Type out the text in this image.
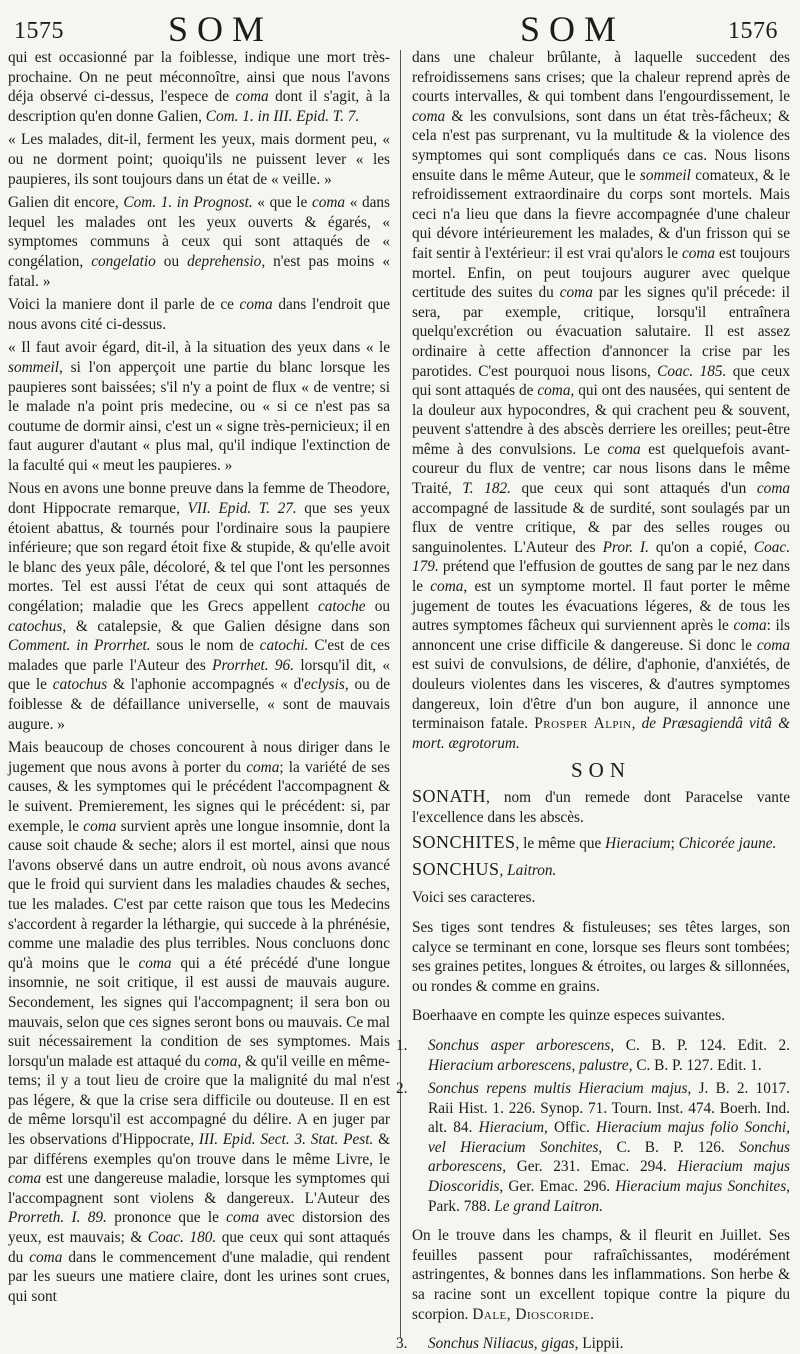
1575	SOM	SOM	1576

qui est occasionné par la foiblesse, indique une mort très-prochaine. On ne peut méconnoître, ainsi que nous l'avons déja observé ci-dessus, l'espece de coma dont il s'agit, à la description qu'en donne Galien, Com. 1. in III. Epid. T. 7.

« Les malades, dit-il, ferment les yeux, mais dorment peu, « ou ne dorment point; quoiqu'ils ne puissent lever « les paupieres, ils sont toujours dans un état de « veille. »

Galien dit encore, Com. 1. in Prognost. « que le coma « dans lequel les malades ont les yeux ouverts & égarés, « symptomes communs à ceux qui sont attaqués de « congélation, congelatio ou deprehensio, n'est pas moins « fatal. »

Voici la maniere dont il parle de ce coma dans l'endroit que nous avons cité ci-dessus.

« Il faut avoir égard, dit-il, à la situation des yeux dans « le sommeil, si l'on apperçoit une partie du blanc lorsque les paupieres sont baissées; s'il n'y a point de flux « de ventre; si le malade n'a point pris medecine, ou « si ce n'est pas sa coutume de dormir ainsi, c'est un « signe très-pernicieux; il en faut augurer d'autant « plus mal, qu'il indique l'extinction de la faculté qui « meut les paupieres. »

Nous en avons une bonne preuve dans la femme de Theodore, dont Hippocrate remarque, VII. Epid. T. 27. que ses yeux étoient abattus, & tournés pour l'ordinaire sous la paupiere inférieure; que son regard étoit fixe & stupide, & qu'elle avoit le blanc des yeux pâle, décoloré, & tel que l'ont les personnes mortes. Tel est aussi l'état de ceux qui sont attaqués de congélation; maladie que les Grecs appellent catoche ou catochus, & catalepsie, & que Galien désigne dans son Comment. in Prorrhet. sous le nom de catochi. C'est de ces malades que parle l'Auteur des Prorrhet. 96. lorsqu'il dit, « que le catochus & l'aphonie accompagnés « d'eclysis, ou de foiblesse & de défaillance universelle, « sont de mauvais augure. »

Mais beaucoup de choses concourent à nous diriger dans le jugement que nous avons à porter du coma; la variété de ses causes, & les symptomes qui le précédent l'accompagnent & le suivent. Premierement, les signes qui le précédent: si, par exemple, le coma survient après une longue insomnie, dont la cause soit chaude & seche; alors il est mortel, ainsi que nous l'avons observé dans un autre endroit, où nous avons avancé que le froid qui survient dans les maladies chaudes & seches, tue les malades. C'est par cette raison que tous les Medecins s'accordent à regarder la léthargie, qui succede à la phrénésie, comme une maladie des plus terribles. Nous concluons donc qu'à moins que le coma qui a été précédé d'une longue insomnie, ne soit critique, il est aussi de mauvais augure. Secondement, les signes qui l'accompagnent; il sera bon ou mauvais, selon que ces signes seront bons ou mauvais. Ce mal suit nécessairement la condition de ses symptomes. Mais lorsqu'un malade est attaqué du coma, & qu'il veille en même-tems; il y a tout lieu de croire que la malignité du mal n'est pas légere, & que la crise sera difficile ou douteuse. Il en est de même lorsqu'il est accompagné du délire. A en juger par les observations d'Hippocrate, III. Epid. Sect. 3. Stat. Pest. & par différens exemples qu'on trouve dans le même Livre, le coma est une dangereuse maladie, lorsque les symptomes qui l'accompagnent sont violens & dangereux. L'Auteur des Prorreth. I. 89. prononce que le coma avec distorsion des yeux, est mauvais; & Coac. 180. que ceux qui sont attaqués du coma dans le commencement d'une maladie, qui rendent par les sueurs une matiere claire, dont les urines sont crues, qui sont

dans une chaleur brûlante, à laquelle succedent des refroidissemens sans crises; que la chaleur reprend après de courts intervalles, & qui tombent dans l'engourdissement, le coma & les convulsions, sont dans un état très-fâcheux; & cela n'est pas surprenant, vu la multitude & la violence des symptomes qui sont compliqués dans ce cas. Nous lisons ensuite dans le même Auteur, que le sommeil comateux, & le refroidissement extraordinaire du corps sont mortels. Mais ceci n'a lieu que dans la fievre accompagnée d'une chaleur qui dévore intérieurement les malades, & d'un frisson qui se fait sentir à l'extérieur: il est vrai qu'alors le coma est toujours mortel. Enfin, on peut toujours augurer avec quelque certitude des suites du coma par les signes qu'il précede: il sera, par exemple, critique, lorsqu'il entraînera quelqu'excrétion ou évacuation salutaire. Il est assez ordinaire à cette affection d'annoncer la crise par les parotides. C'est pourquoi nous lisons, Coac. 185. que ceux qui sont attaqués de coma, qui ont des nausées, qui sentent de la douleur aux hypocondres, & qui crachent peu & souvent, peuvent s'attendre à des abscès derriere les oreilles; peut-être même à des convulsions. Le coma est quelquefois avant-coureur du flux de ventre; car nous lisons dans le même Traité, T. 182. que ceux qui sont attaqués d'un coma accompagné de lassitude & de surdité, sont soulagés par un flux de ventre critique, & par des selles rouges ou sanguinolentes. L'Auteur des Pror. I. qu'on a copié, Coac. 179. prétend que l'effusion de gouttes de sang par le nez dans le coma, est un symptome mortel. Il faut porter le même jugement de toutes les évacuations légeres, & de tous les autres symptomes fâcheux qui surviennent après le coma: ils annoncent une crise difficile & dangereuse. Si donc le coma est suivi de convulsions, de délire, d'aphonie, d'anxiétés, de douleurs violentes dans les visceres, & d'autres symptomes dangereux, loin d'être d'un bon augure, il annonce une terminaison fatale. Prosper Alpin, de Præsagiendâ vitâ & mort. ægrotorum.

SON

SONATH, nom d'un remede dont Paracelse vante l'excellence dans les abscès.

SONCHITES, le même que Hieracium; Chicorée jaune.

SONCHUS, Laitron.

Voici ses caracteres.

Ses tiges sont tendres & fistuleuses; ses têtes larges, son calyce se terminant en cone, lorsque ses fleurs sont tombées; ses graines petites, longues & étroites, ou larges & sillonnées, ou rondes & comme en grains.

Boerhaave en compte les quinze especes suivantes.

1. Sonchus asper arborescens, C. B. P. 124. Edit. 2. Hieracium arborescens, palustre, C. B. P. 127. Edit. 1.

2. Sonchus repens multis Hieracium majus, J. B. 2. 1017. Raii Hist. 1. 226. Synop. 71. Tourn. Inst. 474. Boerh. Ind. alt. 84. Hieracium, Offic. Hieracium majus folio Sonchi, vel Hieracium Sonchites, C. B. P. 126. Sonchus arborescens, Ger. 231. Emac. 294. Hieracium majus Dioscoridis, Ger. Emac. 296. Hieracium majus Sonchites, Park. 788. Le grand Laitron.

On le trouve dans les champs, & il fleurit en Juillet. Ses feuilles passent pour rafraîchissantes, modérément astringentes, & bonnes dans les inflammations. Son herbe & sa racine sont un excellent topique contre la piqure du scorpion. Dale, Dioscoride.

3. Sonchus Niliacus, gigas, Lippii.
